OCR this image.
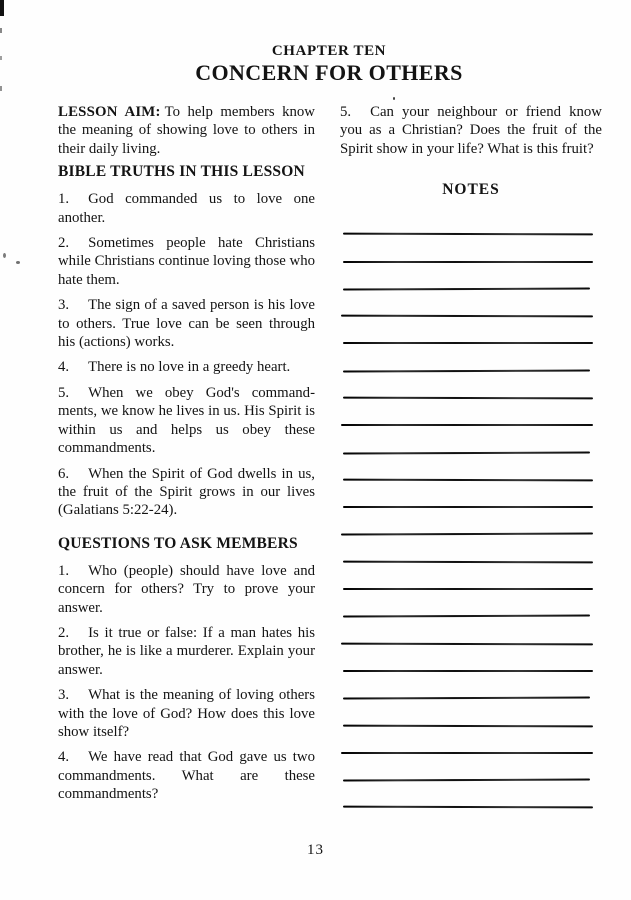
CHAPTER TEN
CONCERN FOR OTHERS

LESSON AIM: To help members know the meaning of showing love to others in their daily living.

BIBLE TRUTHS IN THIS LESSON

1. God commanded us to love one another.

2. Sometimes people hate Christians while Christians continue loving those who hate them.

3. The sign of a saved person is his love to others. True love can be seen through his (actions) works.

4. There is no love in a greedy heart.

5. When we obey God's commandments, we know he lives in us. His Spirit is within us and helps us obey these commandments.

6. When the Spirit of God dwells in us, the fruit of the Spirit grows in our lives (Galatians 5:22-24).

QUESTIONS TO ASK MEMBERS

1. Who (people) should have love and concern for others? Try to prove your answer.

2. Is it true or false: If a man hates his brother, he is like a murderer. Explain your answer.

3. What is the meaning of loving others with the love of God? How does this love show itself?

4. We have read that God gave us two commandments. What are these commandments?

5. Can your neighbour or friend know you as a Christian? Does the fruit of the Spirit show in your life? What is this fruit?

NOTES
13
